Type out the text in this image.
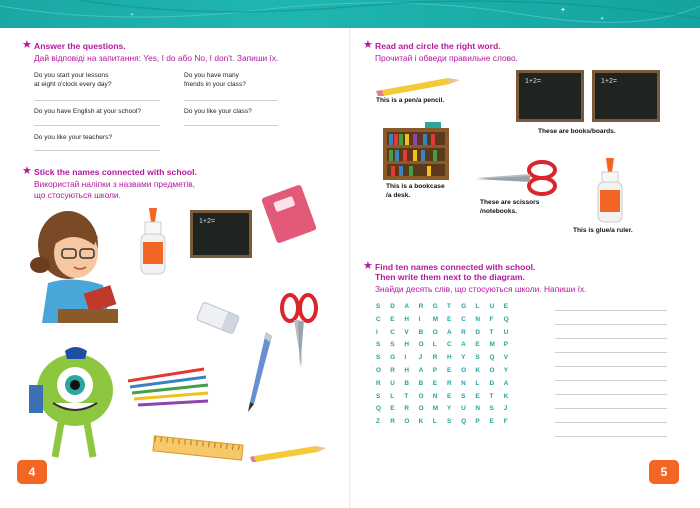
✦
✦
✦
★ Answer the questions.
Дай відповіді на запитання: Yes, I do або No, I don't. Запиши їх.
Do you start your lessons
at eight o'clock every day?
Do you have many
friends in your class?
Do you have English at your school?	Do you like your class?
Do you like your teachers?
★ Stick the names connected with school.
Використай наліпки з назвами предметів,
що стосуються школи.
1+2=
4
★ Read and circle the right word.
Прочитай і обведи правильне слово.
This is a pen/a pencil.
1+2=	1+2=
These are books/boards.
This is a bookcase
/a desk.
These are scissors
/notebooks.
This is glue/a ruler.
★ Find ten names connected with school.
Then write them next to the diagram.
Знайди десять слів, що стосуються школи. Напиши їх.
S	D	A	R	G	T	G	L	U	E
C	E	H	I	M	E	C	N	F	Q
I	C	V	B	O	A	R	D	T	U
S	S	H	O	L	C	A	E	M	P
S	G	I	J	R	H	Y	S	Q	V
O	R	H	A	P	E	O	K	O	Y
R	U	B	B	E	R	N	L	D	A
S	L	T	O	N	E	S	E	T	K
Q	E	R	O	M	Y	U	N	S	J
Z	R	O	K	L	S	Q	P	E	F
5
